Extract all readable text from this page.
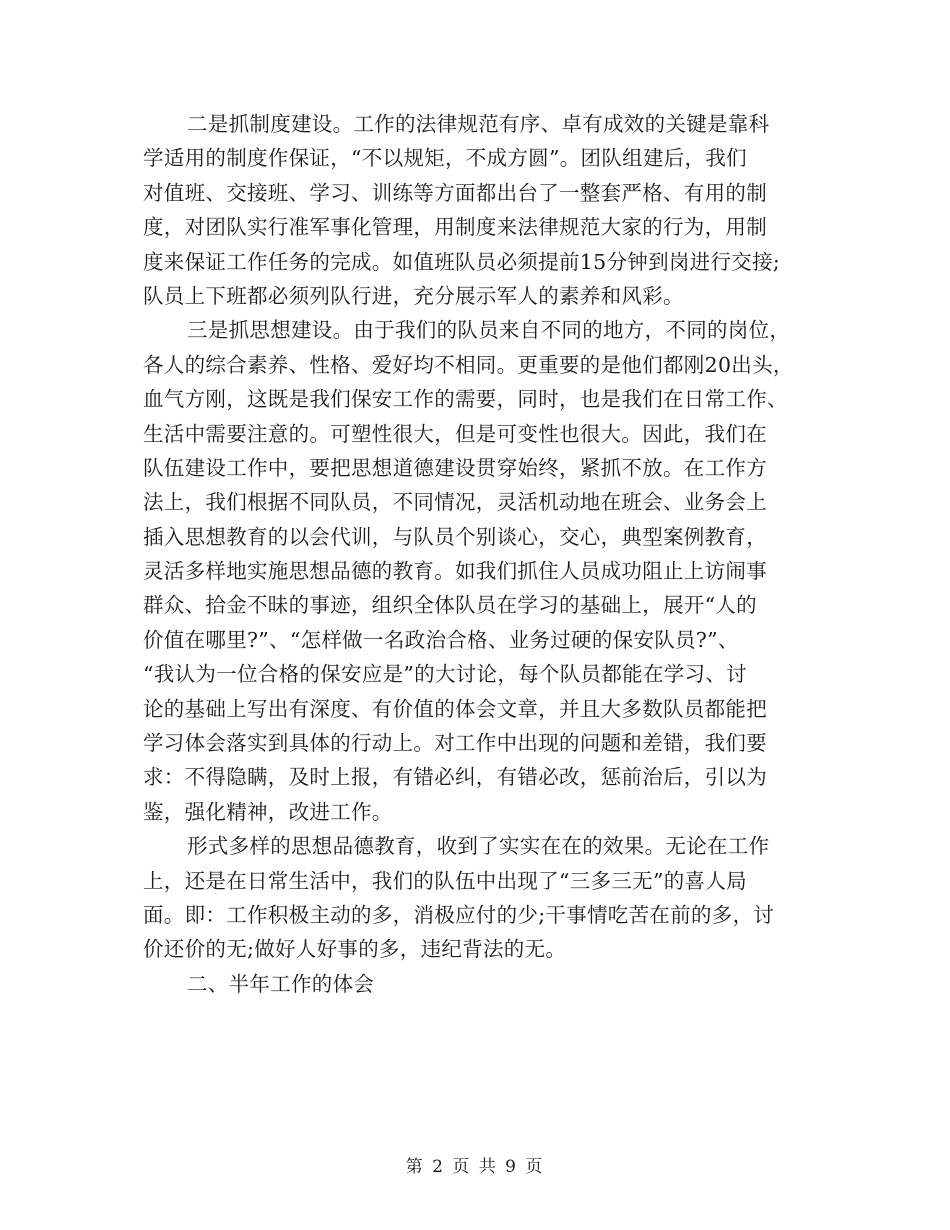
二是抓制度建设。工作的法律规范有序、卓有成效的关键是靠科
学适用的制度作保证，“不以规矩，不成方圆”。团队组建后，我们
对值班、交接班、学习、训练等方面都出台了一整套严格、有用的制
度，对团队实行准军事化管理，用制度来法律规范大家的行为，用制
度来保证工作任务的完成。如值班队员必须提前15分钟到岗进行交接;
队员上下班都必须列队行进，充分展示军人的素养和风彩。
三是抓思想建设。由于我们的队员来自不同的地方，不同的岗位，
各人的综合素养、性格、爱好均不相同。更重要的是他们都刚20出头，
血气方刚，这既是我们保安工作的需要，同时，也是我们在日常工作、
生活中需要注意的。可塑性很大，但是可变性也很大。因此，我们在
队伍建设工作中，要把思想道德建设贯穿始终，紧抓不放。在工作方
法上，我们根据不同队员，不同情况，灵活机动地在班会、业务会上
插入思想教育的以会代训，与队员个别谈心，交心，典型案例教育，
灵活多样地实施思想品德的教育。如我们抓住人员成功阻止上访闹事
群众、拾金不昧的事迹，组织全体队员在学习的基础上，展开“人的
价值在哪里?”、“怎样做一名政治合格、业务过硬的保安队员?”、
“我认为一位合格的保安应是”的大讨论，每个队员都能在学习、讨
论的基础上写出有深度、有价值的体会文章，并且大多数队员都能把
学习体会落实到具体的行动上。对工作中出现的问题和差错，我们要
求：不得隐瞒，及时上报，有错必纠，有错必改，惩前治后，引以为
鉴，强化精神，改进工作。
形式多样的思想品德教育，收到了实实在在的效果。无论在工作
上，还是在日常生活中，我们的队伍中出现了“三多三无”的喜人局
面。即：工作积极主动的多，消极应付的少;干事情吃苦在前的多，讨
价还价的无;做好人好事的多，违纪背法的无。
二、半年工作的体会
第 2 页 共 9 页
